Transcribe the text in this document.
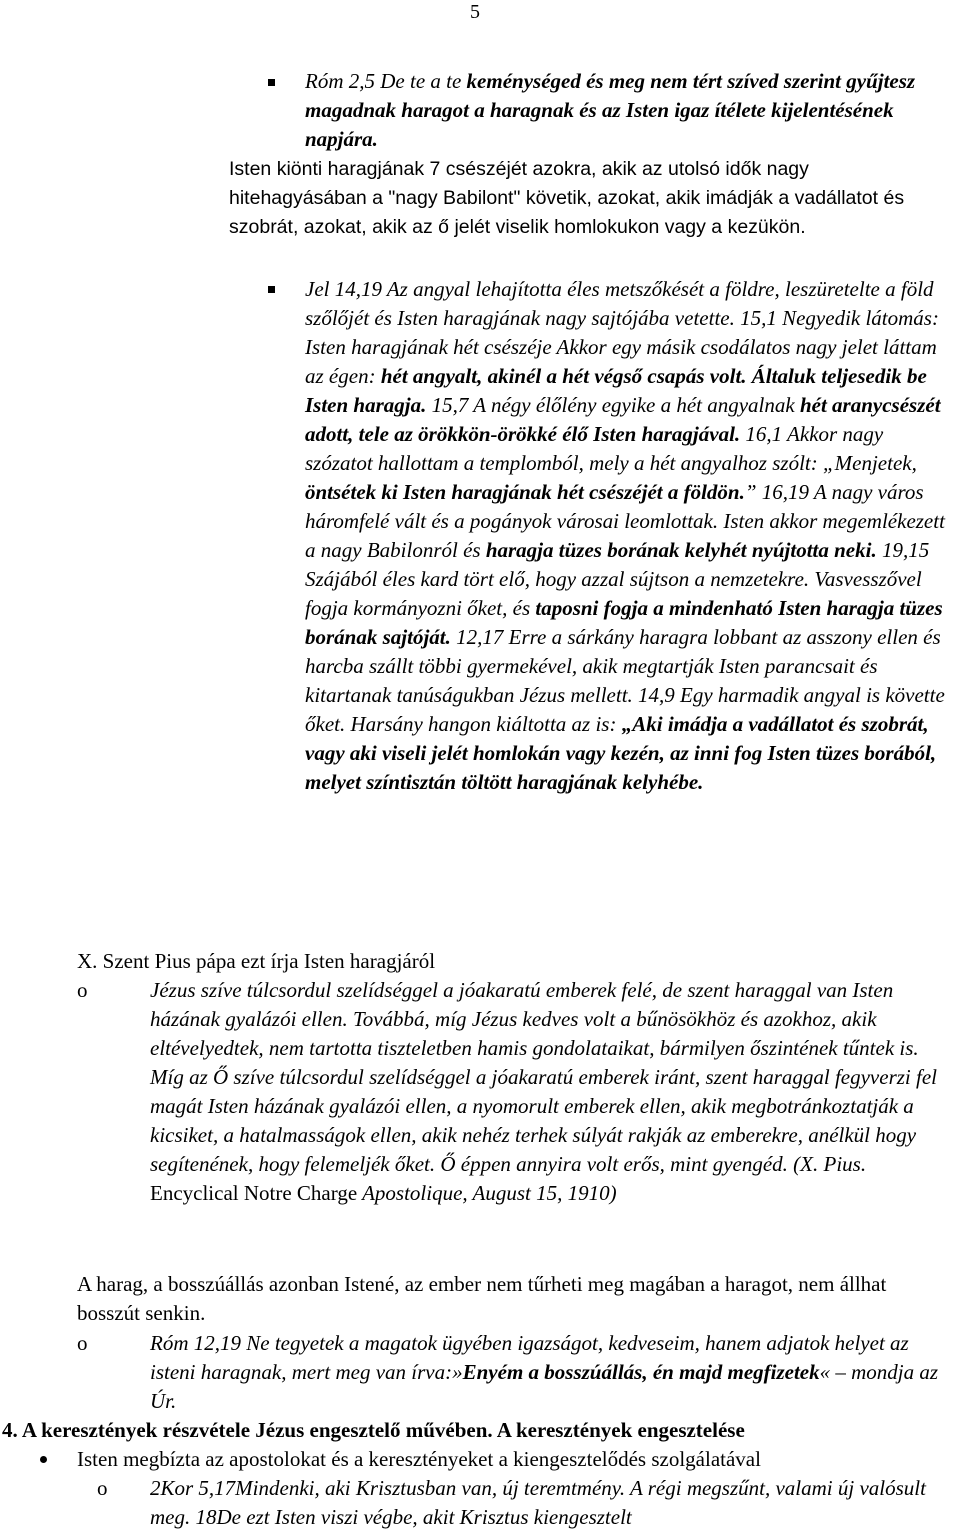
5

Róm 2,5 De te a te keménységed és meg nem tért szíved szerint gyűjtesz magadnak haragot a haragnak és az Isten igaz ítélete kijelentésének napjára.

Isten kiönti haragjának 7 csészéjét azokra, akik az utolsó idők nagy hitehagyásában a "nagy Babilont" követik, azokat, akik imádják a vadállatot és szobrát, azokat, akik az ő jelét viselik homlokukon vagy a kezükön.

Jel 14,19 Az angyal lehajította éles metszőkését a földre, leszüretelte a föld szőlőjét és Isten haragjának nagy sajtójába vetette. 15,1 Negyedik látomás: Isten haragjának hét csészéje Akkor egy másik csodálatos nagy jelet láttam az égen: hét angyalt, akinél a hét végső csapás volt. Általuk teljesedik be Isten haragja. 15,7 A négy élőlény egyike a hét angyalnak hét aranycsészét adott, tele az örökkön-örökké élő Isten haragjával. 16,1 Akkor nagy szózatot hallottam a templomból, mely a hét angyalhoz szólt: „Menjetek, öntsétek ki Isten haragjának hét csészéjét a földön.” 16,19 A nagy város háromfelé vált és a pogányok városai leomlottak. Isten akkor megemlékezett a nagy Babilonról és haragja tüzes borának kelyhét nyújtotta neki. 19,15 Szájából éles kard tört elő, hogy azzal sújtson a nemzetekre. Vasvesszővel fogja kormányozni őket, és taposni fogja a mindenható Isten haragja tüzes borának sajtóját. 12,17 Erre a sárkány haragra lobbant az asszony ellen és harcba szállt többi gyermekével, akik megtartják Isten parancsait és kitartanak tanúságukban Jézus mellett. 14,9 Egy harmadik angyal is követte őket. Harsány hangon kiáltotta az is: „Aki imádja a vadállatot és szobrát, vagy aki viseli jelét homlokán vagy kezén, az inni fog Isten tüzes borából, melyet színtisztán töltött haragjának kelyhébe.

X. Szent Pius pápa ezt írja Isten haragjáról

o	Jézus szíve túlcsordul szelídséggel a jóakaratú emberek felé, de szent haraggal van Isten házának gyalázói ellen. Továbbá, míg Jézus kedves volt a bűnösökhöz és azokhoz, akik eltévelyedtek, nem tartotta tiszteletben hamis gondolataikat, bármilyen őszintének tűntek is. Míg az Ő szíve túlcsordul szelídséggel a jóakaratú emberek iránt, szent haraggal fegyverzi fel magát Isten házának gyalázói ellen, a nyomorult emberek ellen, akik megbotránkoztatják a kicsiket, a hatalmasságok ellen, akik nehéz terhek súlyát rakják az emberekre, anélkül hogy segítenének, hogy felemeljék őket. Ő éppen annyira volt erős, mint gyengéd. (X. Pius. Encyclical Notre Charge Apostolique, August 15, 1910)

A harag, a bosszúállás azonban Istené, az ember nem tűrheti meg magában a haragot, nem állhat bosszút senkin.

o	Róm 12,19 Ne tegyetek a magatok ügyében igazságot, kedveseim, hanem adjatok helyet az isteni haragnak, mert meg van írva:»Enyém a bosszúállás, én majd megfizetek« – mondja az Úr.

4. A keresztények részvétele Jézus engesztelő művében. A keresztények engesztelése

Isten megbízta az apostolokat és a keresztényeket a kiengesztelődés szolgálatával

o 2Kor 5,17Mindenki, aki Krisztusban van, új teremtmény. A régi megszűnt, valami új valósult meg. 18De ezt Isten viszi végbe, akit Krisztus kiengesztelt
